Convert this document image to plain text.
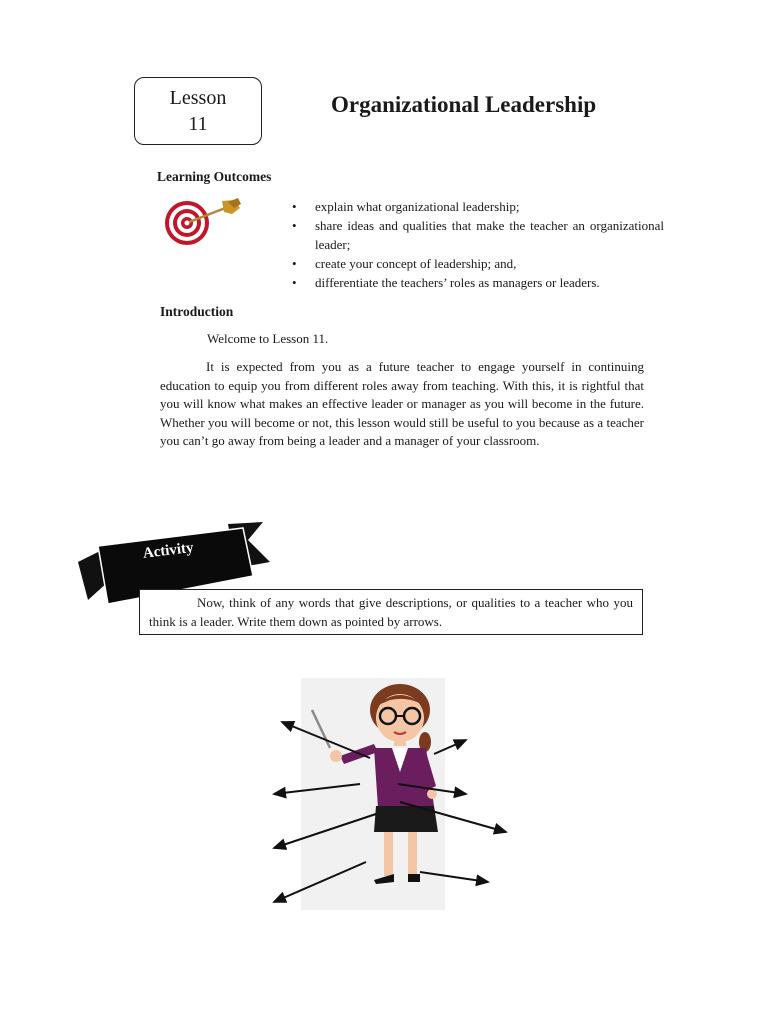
Lesson
11
Organizational Leadership
Learning Outcomes
• explain what organizational leadership;
• share ideas and qualities that make the teacher an organizational leader;
• create your concept of leadership; and,
• differentiate the teachers’ roles as managers or leaders.
Introduction
Welcome to Lesson 11.

It is expected from you as a future teacher to engage yourself in continuing education to equip you from different roles away from teaching. With this, it is rightful that you will know what makes an effective leader or manager as you will become in the future. Whether you will become or not, this lesson would still be useful to you because as a teacher you can’t go away from being a leader and a manager of your classroom.

Activity
Now, think of any words that give descriptions, or qualities to a teacher who you think is a leader. Write them down as pointed by arrows.
